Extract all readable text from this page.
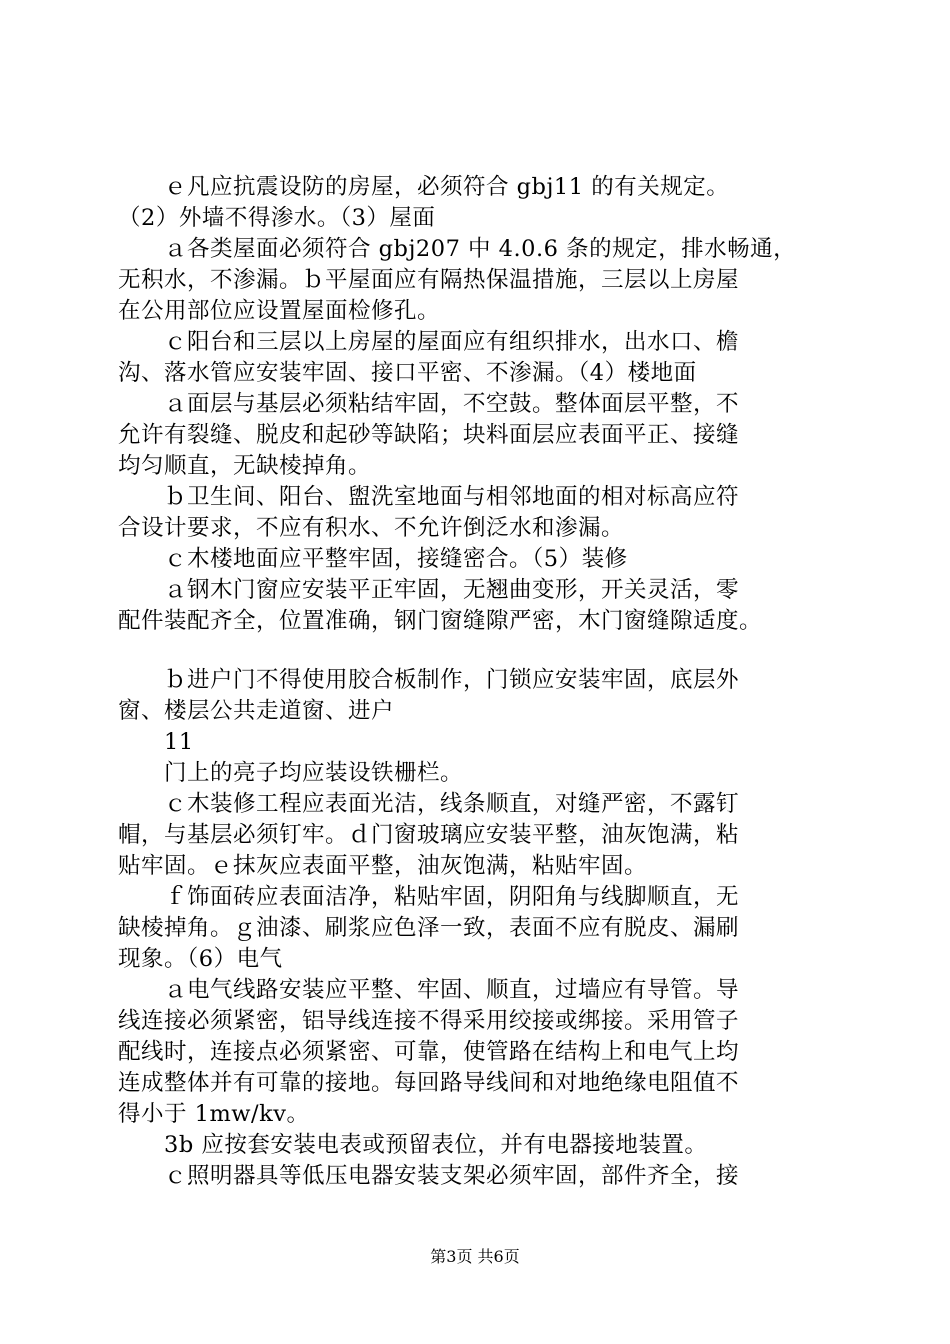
　　ｅ凡应抗震设防的房屋，必须符合 gbj11 的有关规定。
（2）外墙不得渗水。（3）屋面
　　ａ各类屋面必须符合 gbj207 中 4.0.6 条的规定，排水畅通，
无积水，不渗漏。ｂ平屋面应有隔热保温措施，三层以上房屋
在公用部位应设置屋面检修孔。
　　ｃ阳台和三层以上房屋的屋面应有组织排水，出水口、檐
沟、落水管应安装牢固、接口平密、不渗漏。（4）楼地面
　　ａ面层与基层必须粘结牢固，不空鼓。整体面层平整，不
允许有裂缝、脱皮和起砂等缺陷；块料面层应表面平正、接缝
均匀顺直，无缺棱掉角。
　　ｂ卫生间、阳台、盥洗室地面与相邻地面的相对标高应符
合设计要求，不应有积水、不允许倒泛水和渗漏。
　　ｃ木楼地面应平整牢固，接缝密合。（5）装修
　　ａ钢木门窗应安装平正牢固，无翘曲变形，开关灵活，零
配件装配齐全，位置准确，钢门窗缝隙严密，木门窗缝隙适度。
　　ｂ进户门不得使用胶合板制作，门锁应安装牢固，底层外
窗、楼层公共走道窗、进户
　　11
　　门上的亮子均应装设铁栅栏。
　　ｃ木装修工程应表面光洁，线条顺直，对缝严密，不露钉
帽，与基层必须钉牢。ｄ门窗玻璃应安装平整，油灰饱满，粘
贴牢固。ｅ抹灰应表面平整，油灰饱满，粘贴牢固。
　　ｆ饰面砖应表面洁净，粘贴牢固，阴阳角与线脚顺直，无
缺棱掉角。ｇ油漆、刷浆应色泽一致，表面不应有脱皮、漏刷
现象。（6）电气
　　ａ电气线路安装应平整、牢固、顺直，过墙应有导管。导
线连接必须紧密，铝导线连接不得采用绞接或绑接。采用管子
配线时，连接点必须紧密、可靠，使管路在结构上和电气上均
连成整体并有可靠的接地。每回路导线间和对地绝缘电阻值不
得小于 1mw/kv。
　　3b 应按套安装电表或预留表位，并有电器接地装置。
　　ｃ照明器具等低压电器安装支架必须牢固，部件齐全，接
第3页 共6页
